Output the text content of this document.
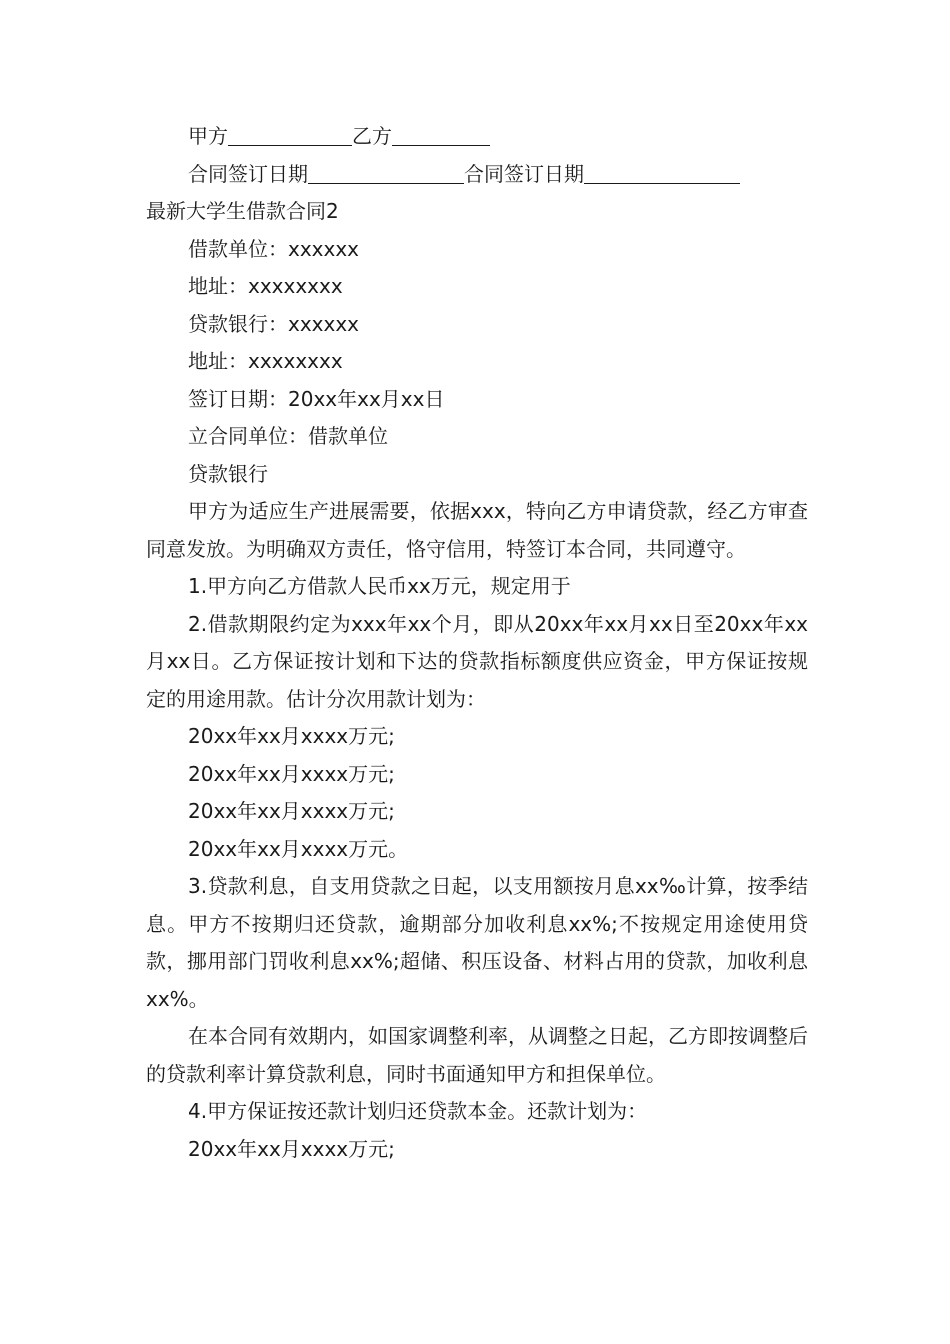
甲方	乙方
合同签订日期	合同签订日期
最新大学生借款合同2
借款单位：xxxxxx
地址：xxxxxxxx
贷款银行：xxxxxx
地址：xxxxxxxx
签订日期：20xx年xx月xx日
立合同单位：借款单位
贷款银行
甲方为适应生产进展需要，依据xxx，特向乙方申请贷款，经乙方审查同意发放。为明确双方责任，恪守信用，特签订本合同，共同遵守。
1.甲方向乙方借款人民币xx万元，规定用于
2.借款期限约定为xxx年xx个月，即从20xx年xx月xx日至20xx年xx月xx日。乙方保证按计划和下达的贷款指标额度供应资金，甲方保证按规定的用途用款。估计分次用款计划为：
20xx年xx月xxxx万元;
20xx年xx月xxxx万元;
20xx年xx月xxxx万元;
20xx年xx月xxxx万元。
3.贷款利息，自支用贷款之日起，以支用额按月息xx‰计算，按季结息。甲方不按期归还贷款，逾期部分加收利息xx%;不按规定用途使用贷款，挪用部门罚收利息xx%;超储、积压设备、材料占用的贷款，加收利息xx%。
在本合同有效期内，如国家调整利率，从调整之日起，乙方即按调整后的贷款利率计算贷款利息，同时书面通知甲方和担保单位。
4.甲方保证按还款计划归还贷款本金。还款计划为：
20xx年xx月xxxx万元;
